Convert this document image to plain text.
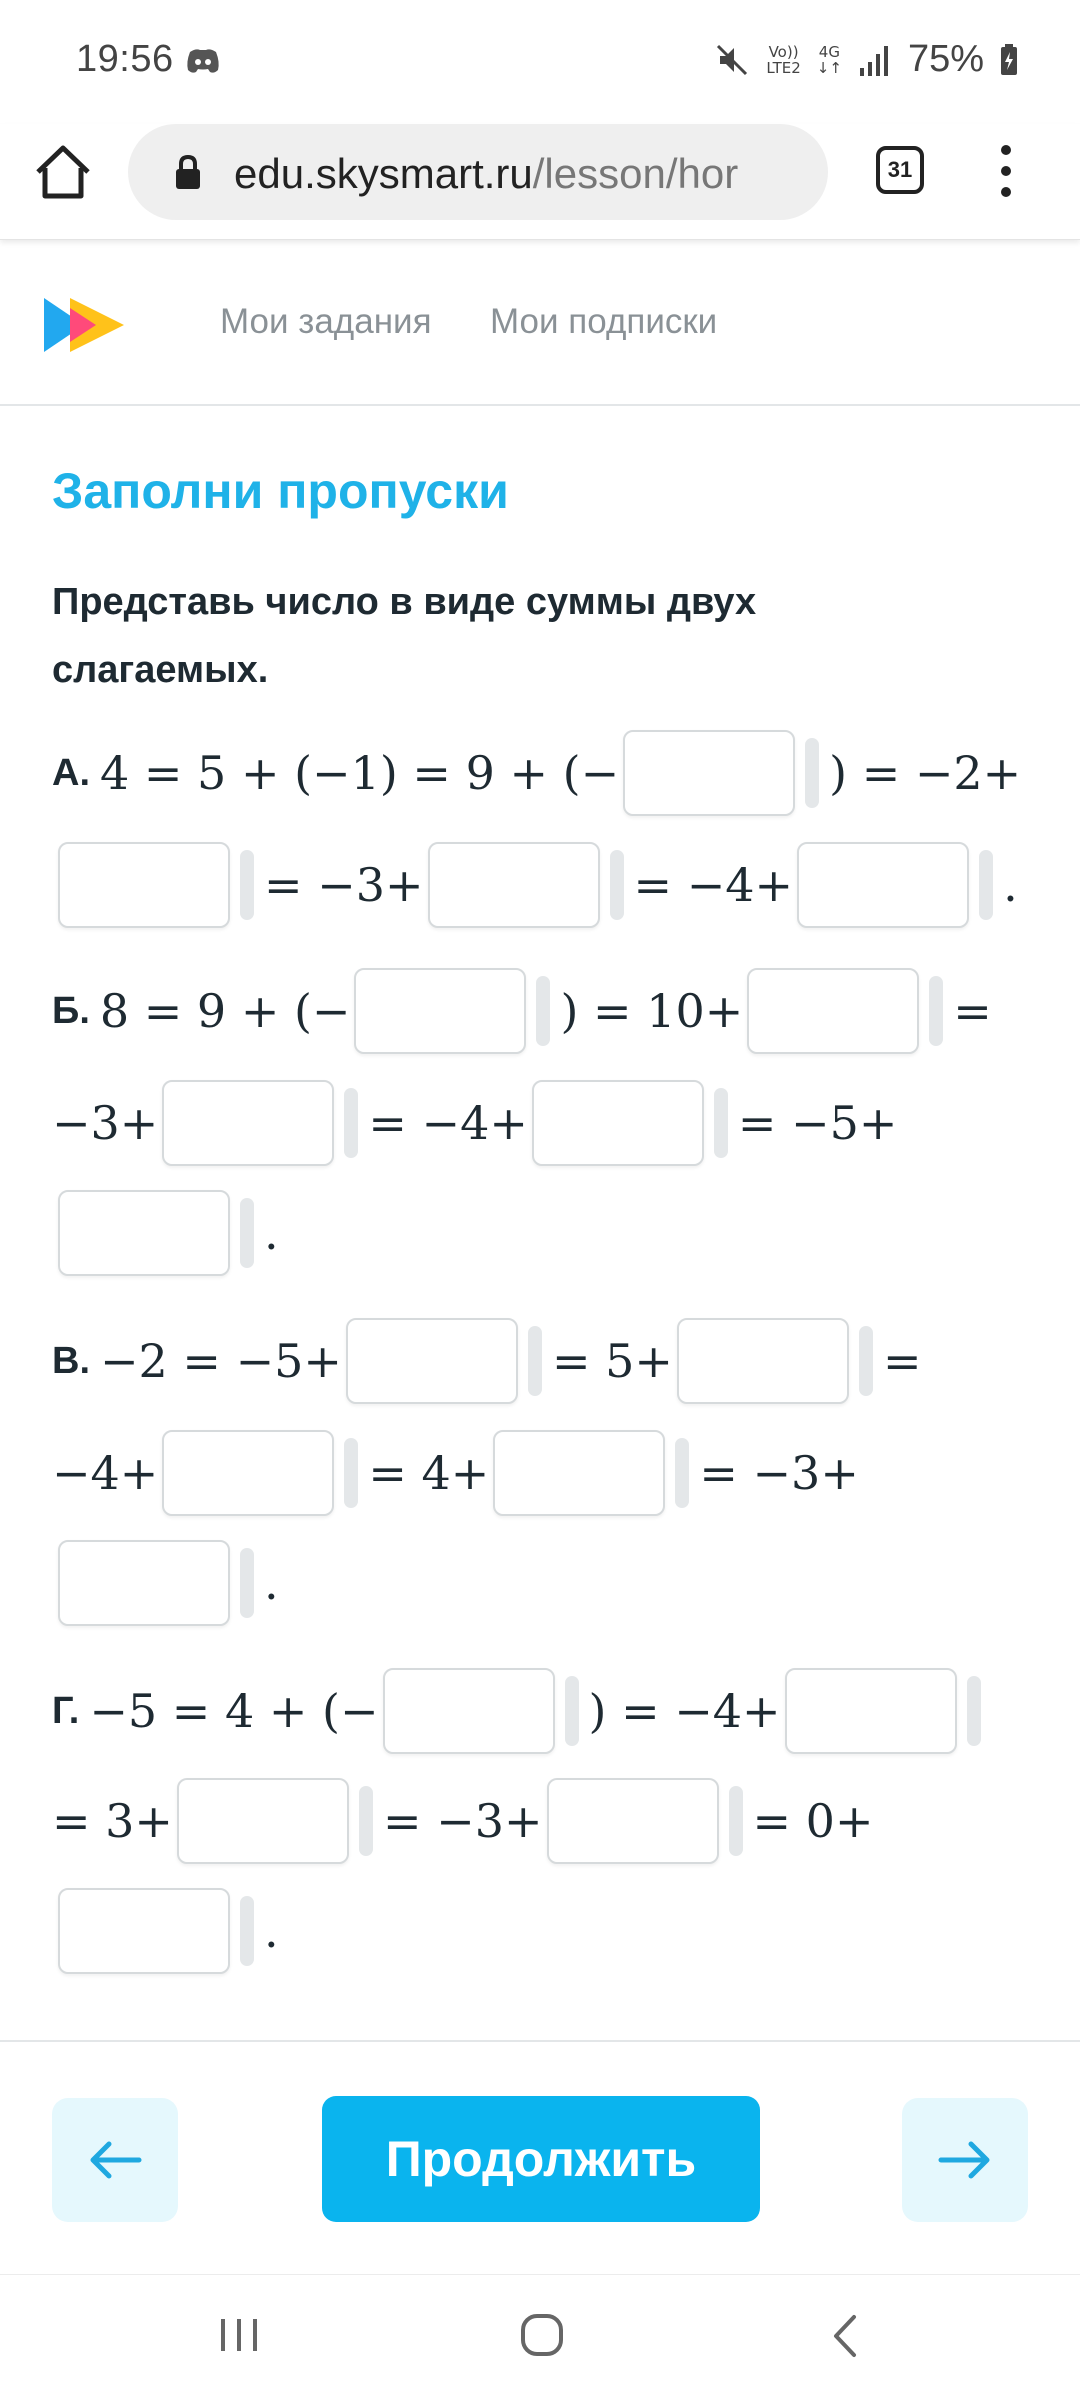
19:56	Vo))
LTE2
4G
↓↑ 75%
edu.skysmart.ru/lesson/hor	31
Мои задания Мои подписки
Заполни пропуски
Представь число в виде суммы двух слагаемых.
А. 4 = 5 + (−1) = 9 + (−	) = −2+
= −3+	= −4+	.
Б. 8 = 9 + (−	) = 10+	=
−3+	= −4+	= −5+
.
В. −2 = −5+	= 5+	=
−4+	= 4+	= −3+
.
Г. −5 = 4 + (−	) = −4+
= 3+	= −3+	= 0+
.
Продолжить
